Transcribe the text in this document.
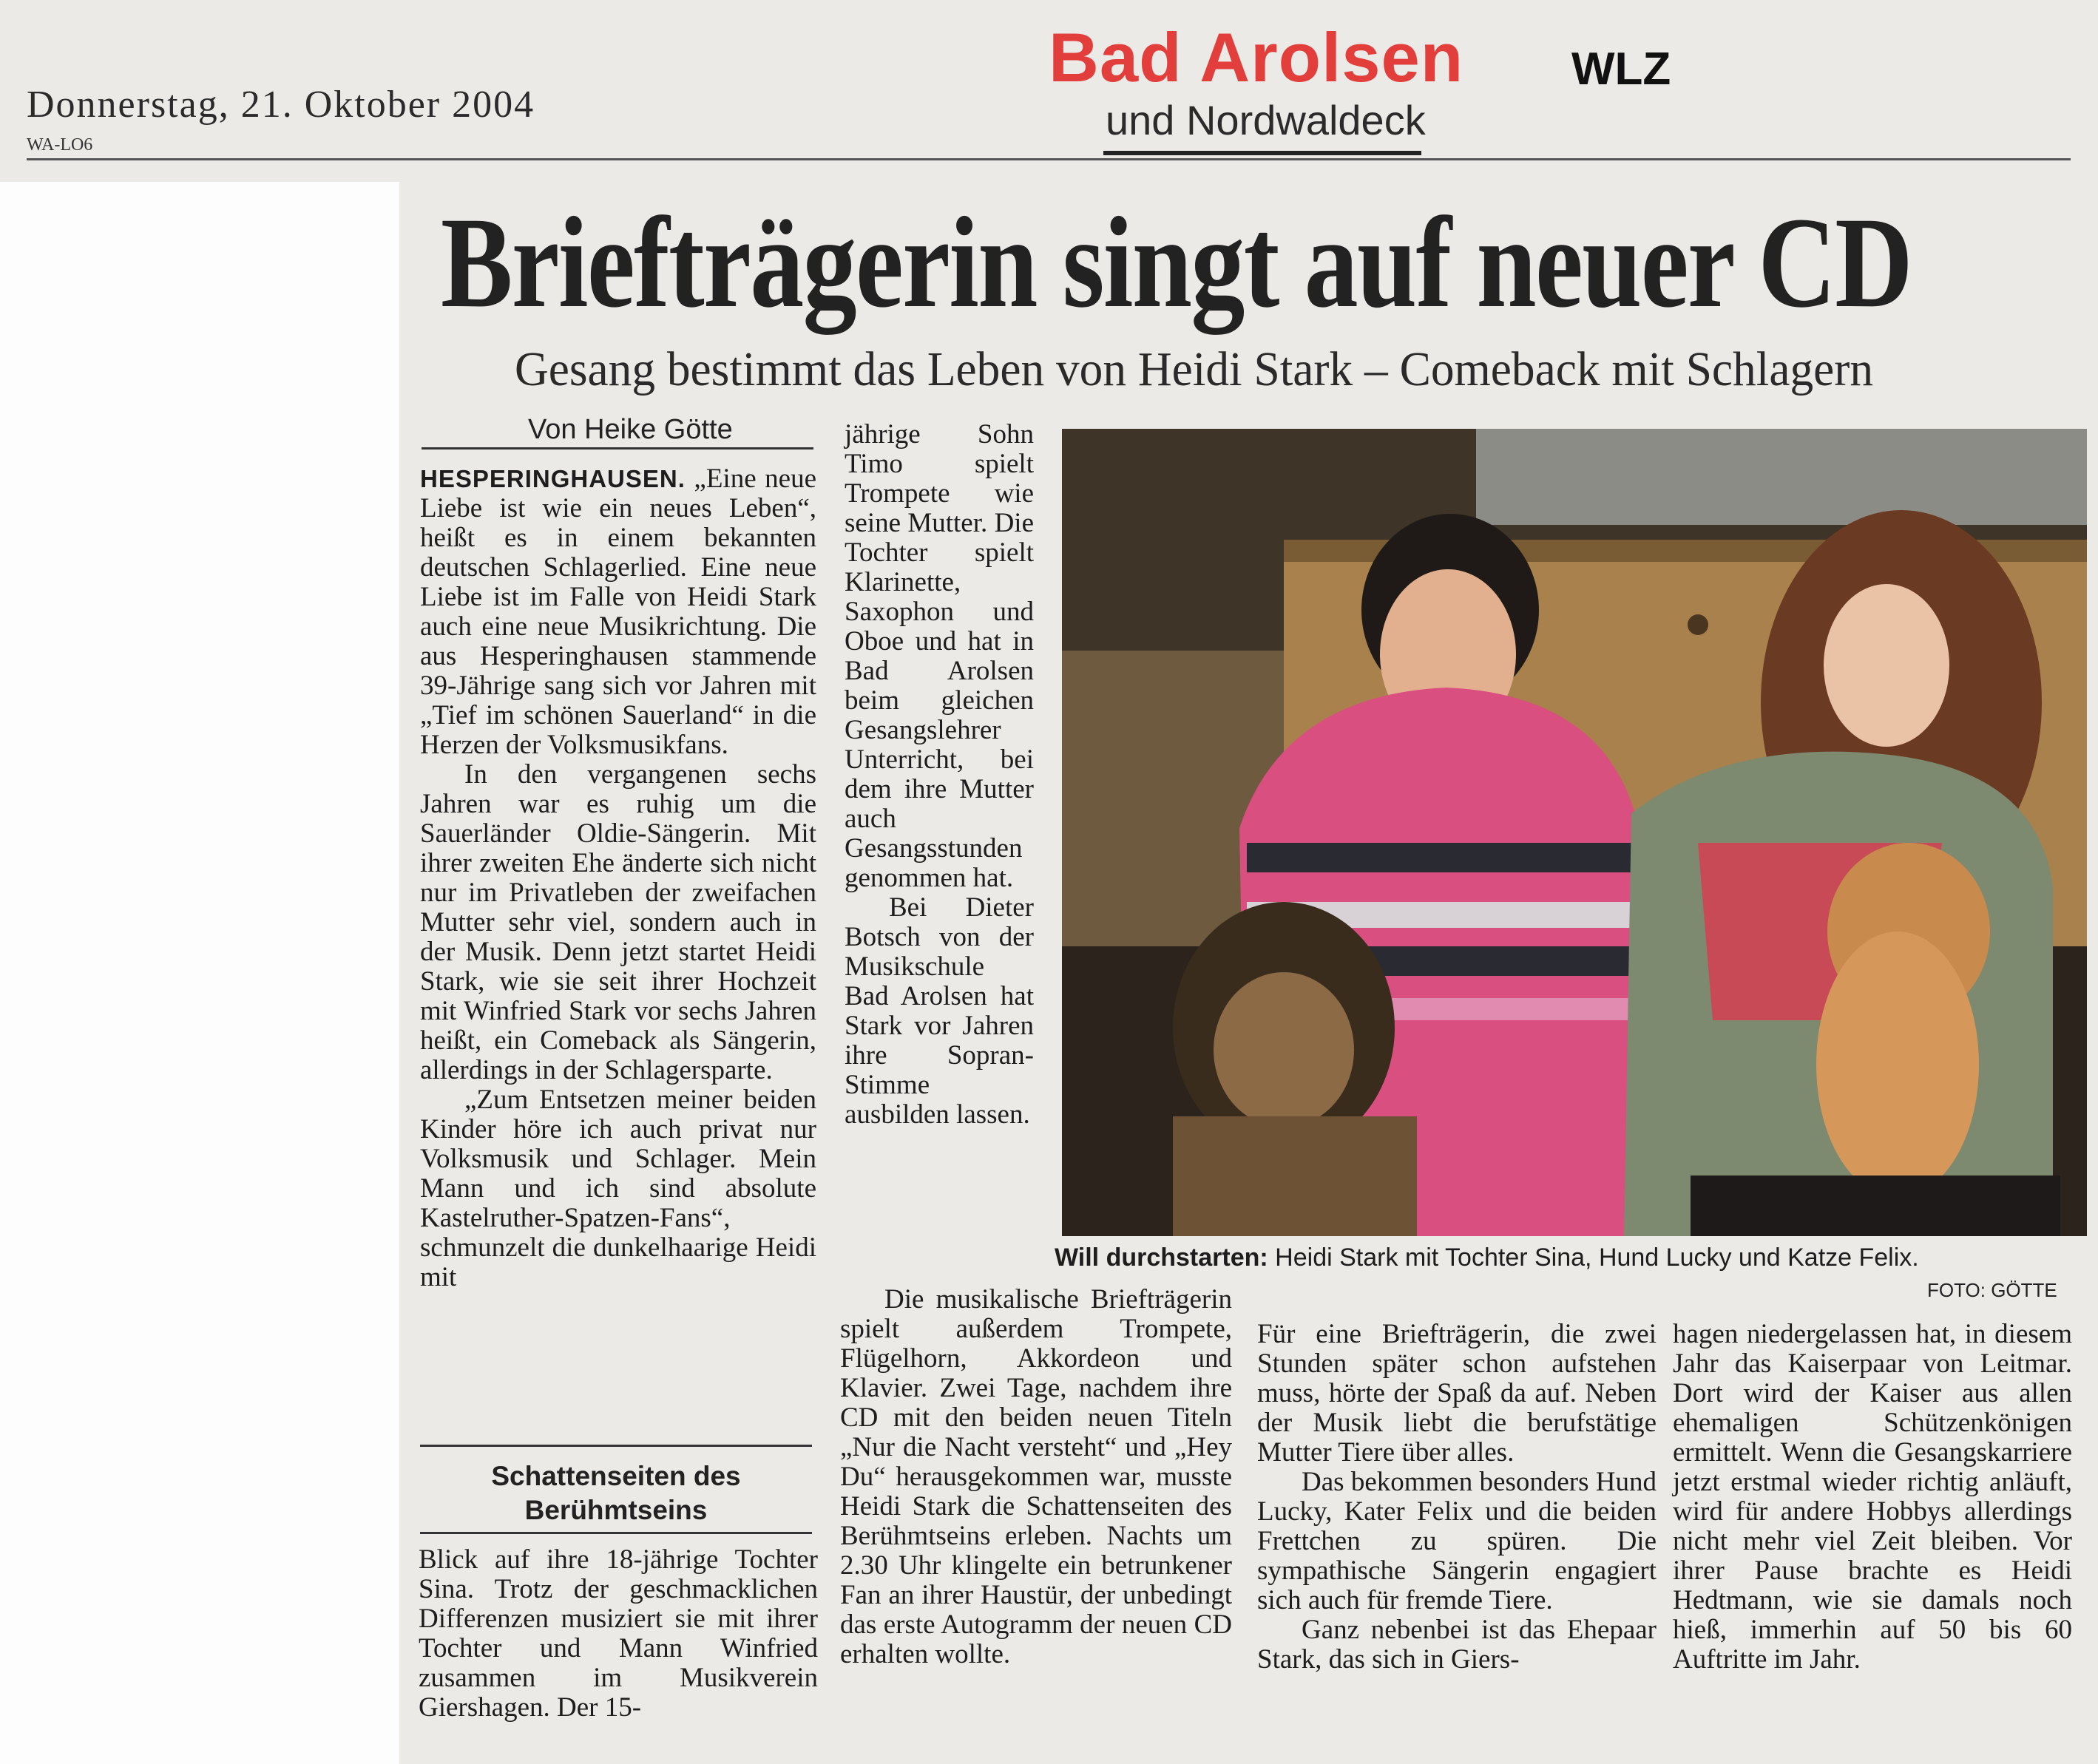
Donnerstag, 21. Oktober 2004
WA-LO6
Bad Arolsen
und Nordwaldeck
WLZ
Briefträgerin singt auf neuer CD
Gesang bestimmt das Leben von Heidi Stark – Comeback mit Schlagern
Von Heike Götte

HESPERINGHAUSEN. „Eine neue Liebe ist wie ein neues Leben“, heißt es in einem bekannten deutschen Schlagerlied. Eine neue Liebe ist im Falle von Heidi Stark auch eine neue Musikrichtung. Die aus Hesperinghausen stammende 39-Jährige sang sich vor Jahren mit „Tief im schönen Sauerland“ in die Herzen der Volksmusikfans.

In den vergangenen sechs Jahren war es ruhig um die Sauerländer Oldie-Sängerin. Mit ihrer zweiten Ehe änderte sich nicht nur im Privatleben der zweifachen Mutter sehr viel, sondern auch in der Musik. Denn jetzt startet Heidi Stark, wie sie seit ihrer Hochzeit mit Winfried Stark vor sechs Jahren heißt, ein Comeback als Sängerin, allerdings in der Schlagersparte.

„Zum Entsetzen meiner beiden Kinder höre ich auch privat nur Volksmusik und Schlager. Mein Mann und ich sind absolute Kastelruther-Spatzen-Fans“, schmunzelt die dunkelhaarige Heidi mit

Schattenseiten des Berühmtseins

Blick auf ihre 18-jährige Tochter Sina. Trotz der geschmacklichen Differenzen musiziert sie mit ihrer Tochter und Mann Winfried zusammen im Musikverein Giershagen. Der 15-

jährige Sohn Timo spielt Trompete wie seine Mutter. Die Tochter spielt Klarinette, Saxophon und Oboe und hat in Bad Arolsen beim gleichen Gesangslehrer Unterricht, bei dem ihre Mutter auch Gesangsstunden genommen hat.

Bei Dieter Botsch von der Musikschule Bad Arolsen hat Stark vor Jahren ihre Sopran-Stimme ausbilden lassen.

Die musikalische Briefträgerin spielt außerdem Trompete, Flügelhorn, Akkordeon und Klavier. Zwei Tage, nachdem ihre CD mit den beiden neuen Titeln „Nur die Nacht versteht“ und „Hey Du“ herausgekommen war, musste Heidi Stark die Schattenseiten des Berühmtseins erleben. Nachts um 2.30 Uhr klingelte ein betrunkener Fan an ihrer Haustür, der unbedingt das erste Autogramm der neuen CD erhalten wollte.

Für eine Briefträgerin, die zwei Stunden später schon aufstehen muss, hörte der Spaß da auf. Neben der Musik liebt die berufstätige Mutter Tiere über alles.

Das bekommen besonders Hund Lucky, Kater Felix und die beiden Frettchen zu spüren. Die sympathische Sängerin engagiert sich auch für fremde Tiere.

Ganz nebenbei ist das Ehepaar Stark, das sich in Giers-

hagen niedergelassen hat, in diesem Jahr das Kaiserpaar von Leitmar. Dort wird der Kaiser aus allen ehemaligen Schützenkönigen ermittelt. Wenn die Gesangskarriere jetzt erstmal wieder richtig anläuft, wird für andere Hobbys allerdings nicht mehr viel Zeit bleiben. Vor ihrer Pause brachte es Heidi Hedtmann, wie sie damals noch hieß, immerhin auf 50 bis 60 Auftritte im Jahr.

Will durchstarten: Heidi Stark mit Tochter Sina, Hund Lucky und Katze Felix.
FOTO: GÖTTE
